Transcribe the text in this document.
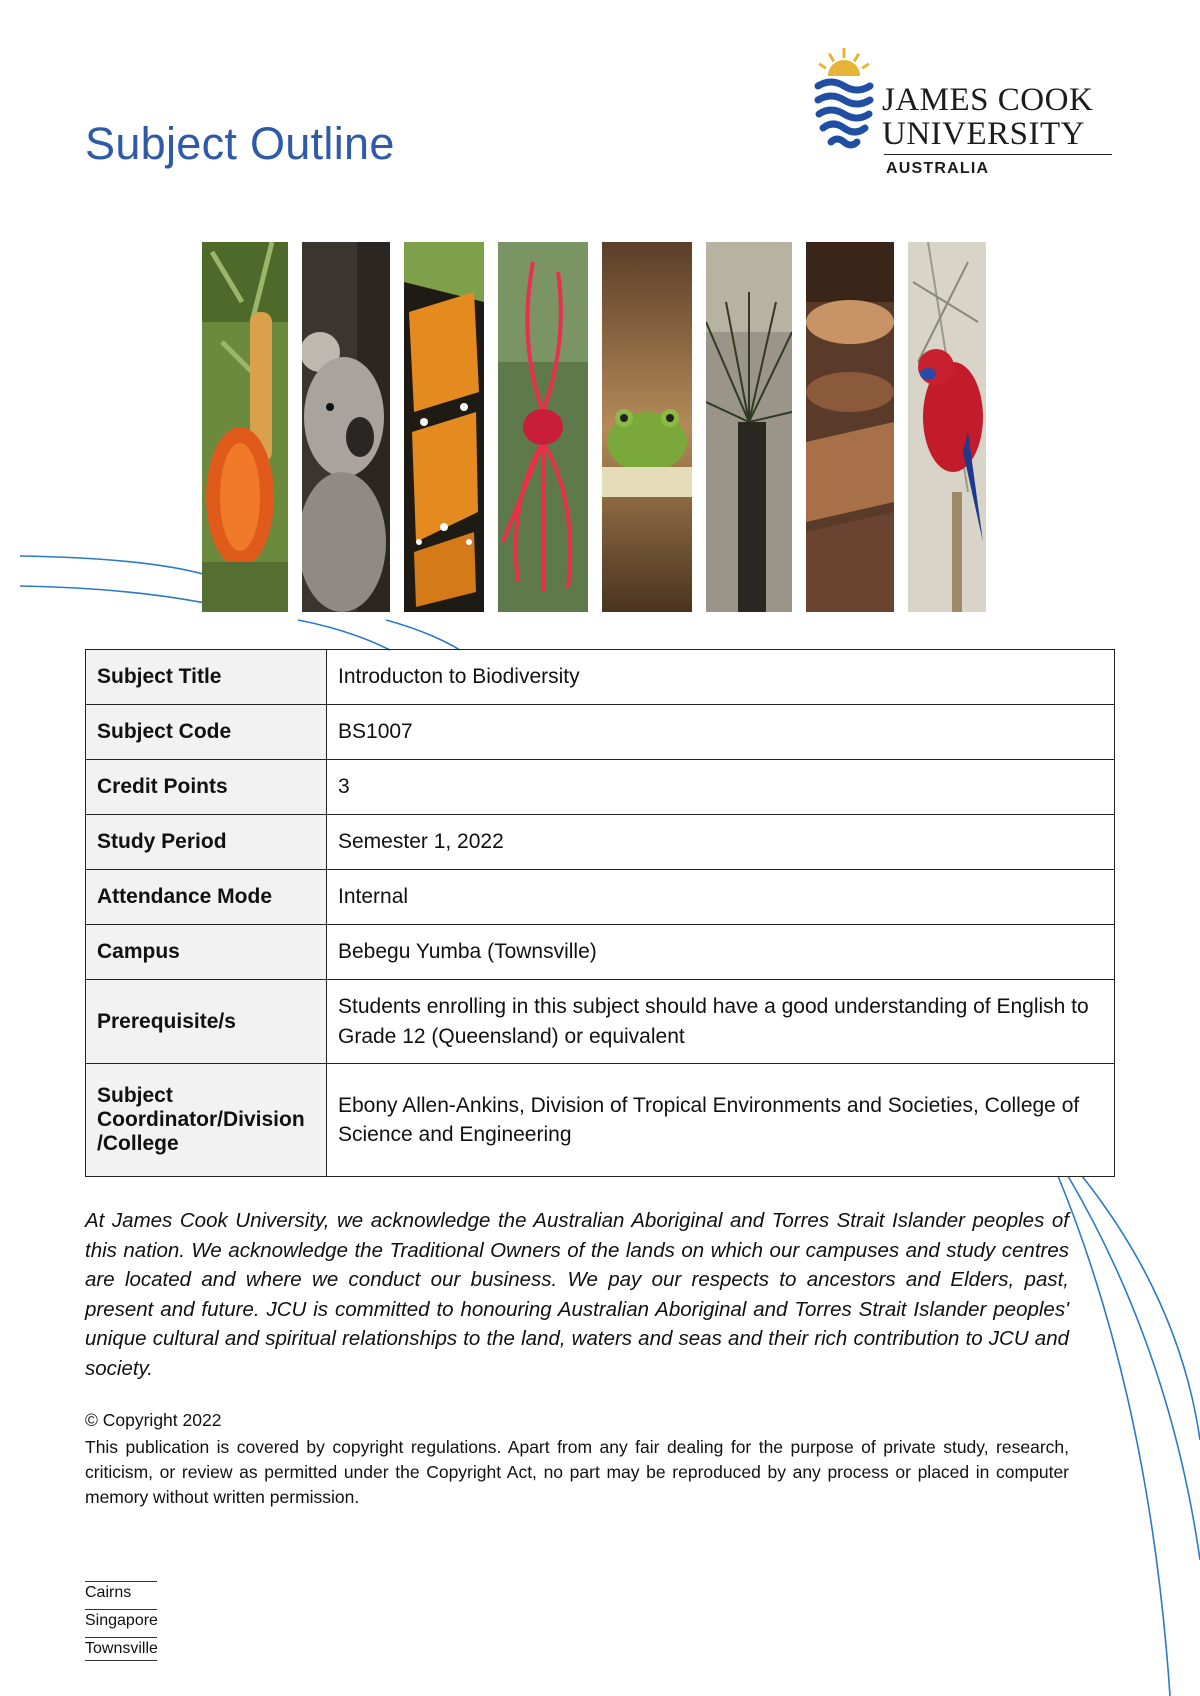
Subject Outline
JAMES COOK
UNIVERSITY
AUSTRALIA
Subject Title	Introducton to Biodiversity
Subject Code	BS1007
Credit Points	3
Study Period	Semester 1, 2022
Attendance Mode	Internal
Campus	Bebegu Yumba (Townsville)
Prerequisite/s	Students enrolling in this subject should have a good understanding of English to Grade 12 (Queensland) or equivalent
Subject Coordinator/Division /College	Ebony Allen-Ankins, Division of Tropical Environments and Societies, College of Science and Engineering

At James Cook University, we acknowledge the Australian Aboriginal and Torres Strait Islander peoples of this nation. We acknowledge the Traditional Owners of the lands on which our campuses and study centres are located and where we conduct our business. We pay our respects to ancestors and Elders, past, present and future. JCU is committed to honouring Australian Aboriginal and Torres Strait Islander peoples' unique cultural and spiritual relationships to the land, waters and seas and their rich contribution to JCU and society.

© Copyright 2022

This publication is covered by copyright regulations. Apart from any fair dealing for the purpose of private study, research, criticism, or review as permitted under the Copyright Act, no part may be reproduced by any process or placed in computer memory without written permission.

Cairns
Singapore
Townsville
